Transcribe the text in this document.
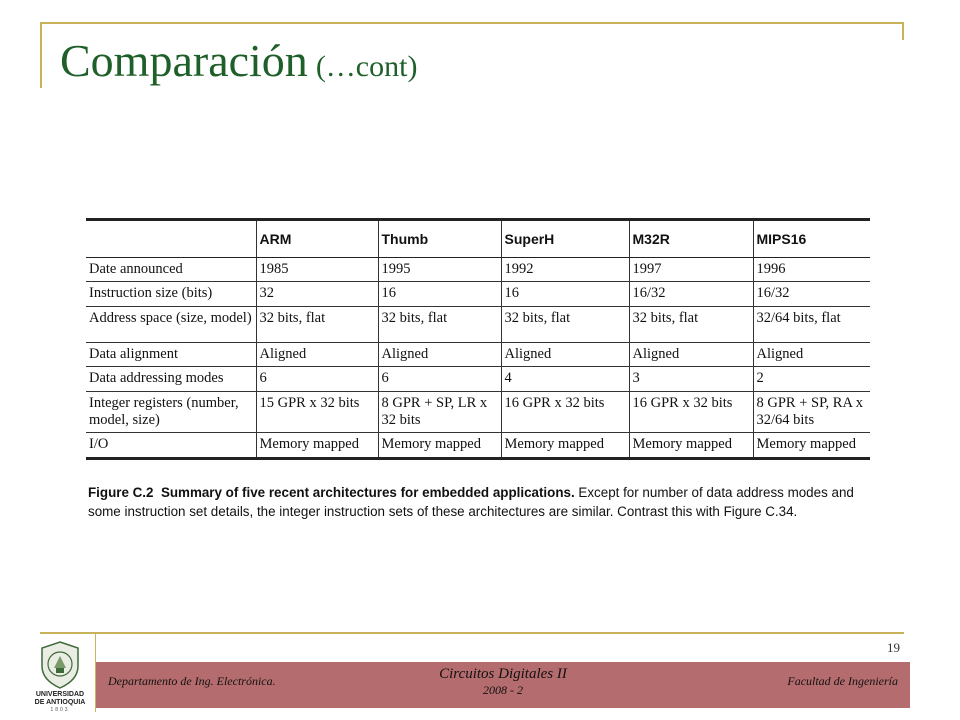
Comparación (…cont)
	ARM	Thumb	SuperH	M32R	MIPS16
Date announced	1985	1995	1992	1997	1996
Instruction size (bits)	32	16	16	16/32	16/32
Address space (size, model)	32 bits, flat	32 bits, flat	32 bits, flat	32 bits, flat	32/64 bits, flat
Data alignment	Aligned	Aligned	Aligned	Aligned	Aligned
Data addressing modes	6	6	4	3	2
Integer registers (number, model, size)	15 GPR x 32 bits	8 GPR + SP, LR x 32 bits	16 GPR x 32 bits	16 GPR x 32 bits	8 GPR + SP, RA x 32/64 bits
I/O	Memory mapped	Memory mapped	Memory mapped	Memory mapped	Memory mapped

Figure C.2 Summary of five recent architectures for embedded applications. Except for number of data address modes and some instruction set details, the integer instruction sets of these architectures are similar. Contrast this with Figure C.34.

19
UNIVERSIDAD
DE ANTIOQUIA
1803
Departamento de Ing. Electrónica.	Circuitos Digitales II
2008 - 2
Facultad de Ingeniería
